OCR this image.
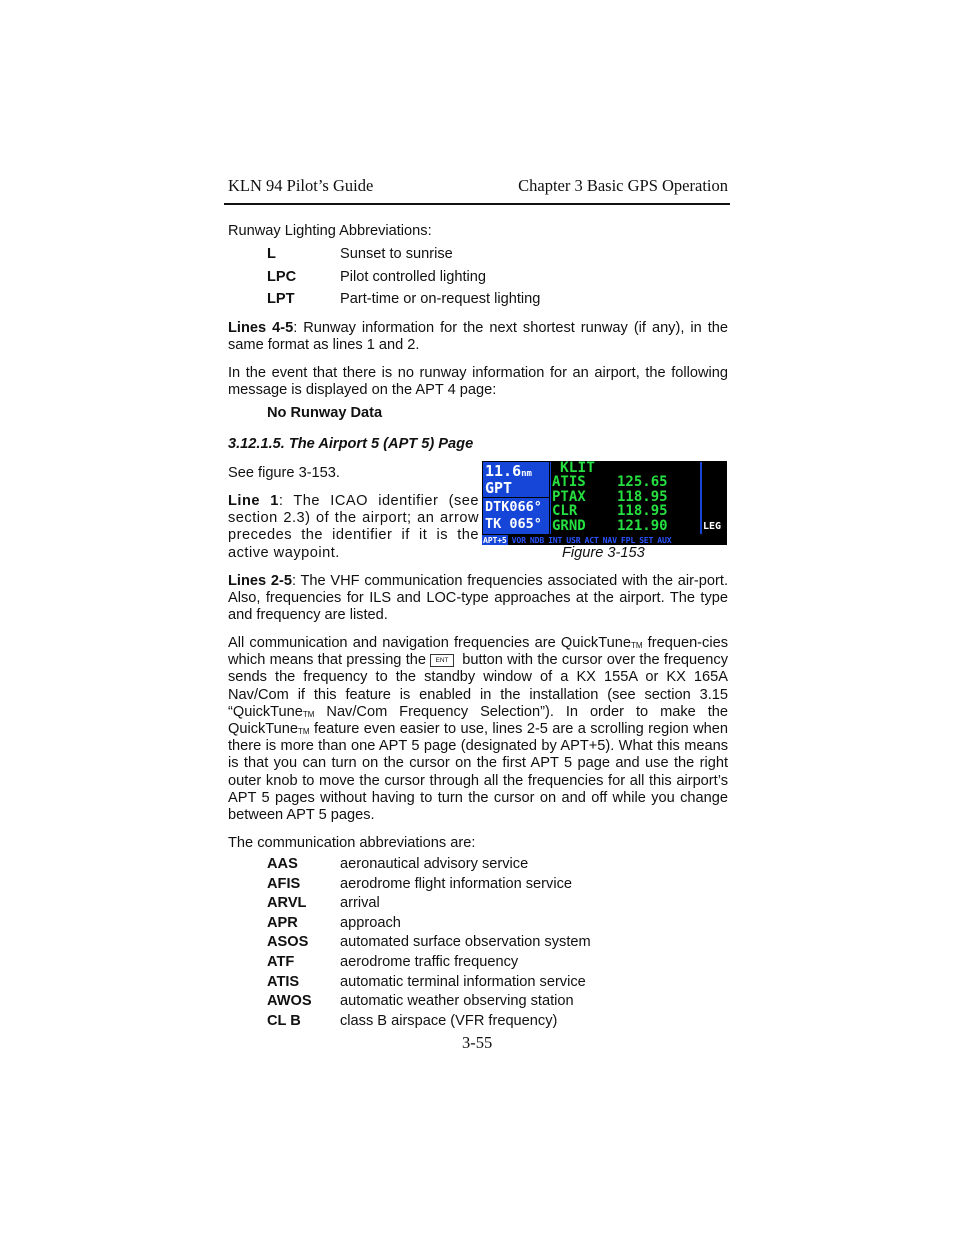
KLN 94 Pilot’s Guide	Chapter 3 Basic GPS Operation
Runway Lighting Abbreviations:
L	Sunset to sunrise
LPC	Pilot controlled lighting
LPT	Part-time or on-request lighting
Lines 4-5: Runway information for the next shortest runway (if any), in the same format as lines 1 and 2.
In the event that there is no runway information for an airport, the following message is displayed on the APT 4 page:
No Runway Data
3.12.1.5. The Airport 5 (APT 5) Page
See figure 3-153.
Line 1: The ICAO identifier (see section 2.3) of the airport; an arrow precedes the identifier if it is the active waypoint.
11.6nm
GPT
DTK066°
TK 065°
KLIT
ATIS 125.65
PTAX 118.95
CLR	118.95
GRND 121.90	LEG
APT+5 VOR NDB INT USR ACT NAV FPL SET AUX
Figure 3-153
Lines 2-5: The VHF communication frequencies associated with the air-port. Also, frequencies for ILS and LOC-type approaches at the airport. The type and frequency are listed.
All communication and navigation frequencies are QuickTune™ frequen-cies which means that pressing the ENT button with the cursor over the frequency sends the frequency to the standby window of a KX 155A or KX 165A Nav/Com if this feature is enabled in the installation (see section 3.15 “QuickTune™ Nav/Com Frequency Selection”). In order to make the QuickTune™ feature even easier to use, lines 2-5 are a scrolling region when there is more than one APT 5 page (designated by APT+5). What this means is that you can turn on the cursor on the first APT 5 page and use the right outer knob to move the cursor through all the frequencies for all this airport’s APT 5 pages without having to turn the cursor on and off while you change between APT 5 pages.
The communication abbreviations are:
AAS	aeronautical advisory service
AFIS	aerodrome flight information service
ARVL arrival
APR	approach
ASOS automated surface observation system
ATF	aerodrome traffic frequency
ATIS	automatic terminal information service
AWOS automatic weather observing station
CL B	class B airspace (VFR frequency)
3-55
